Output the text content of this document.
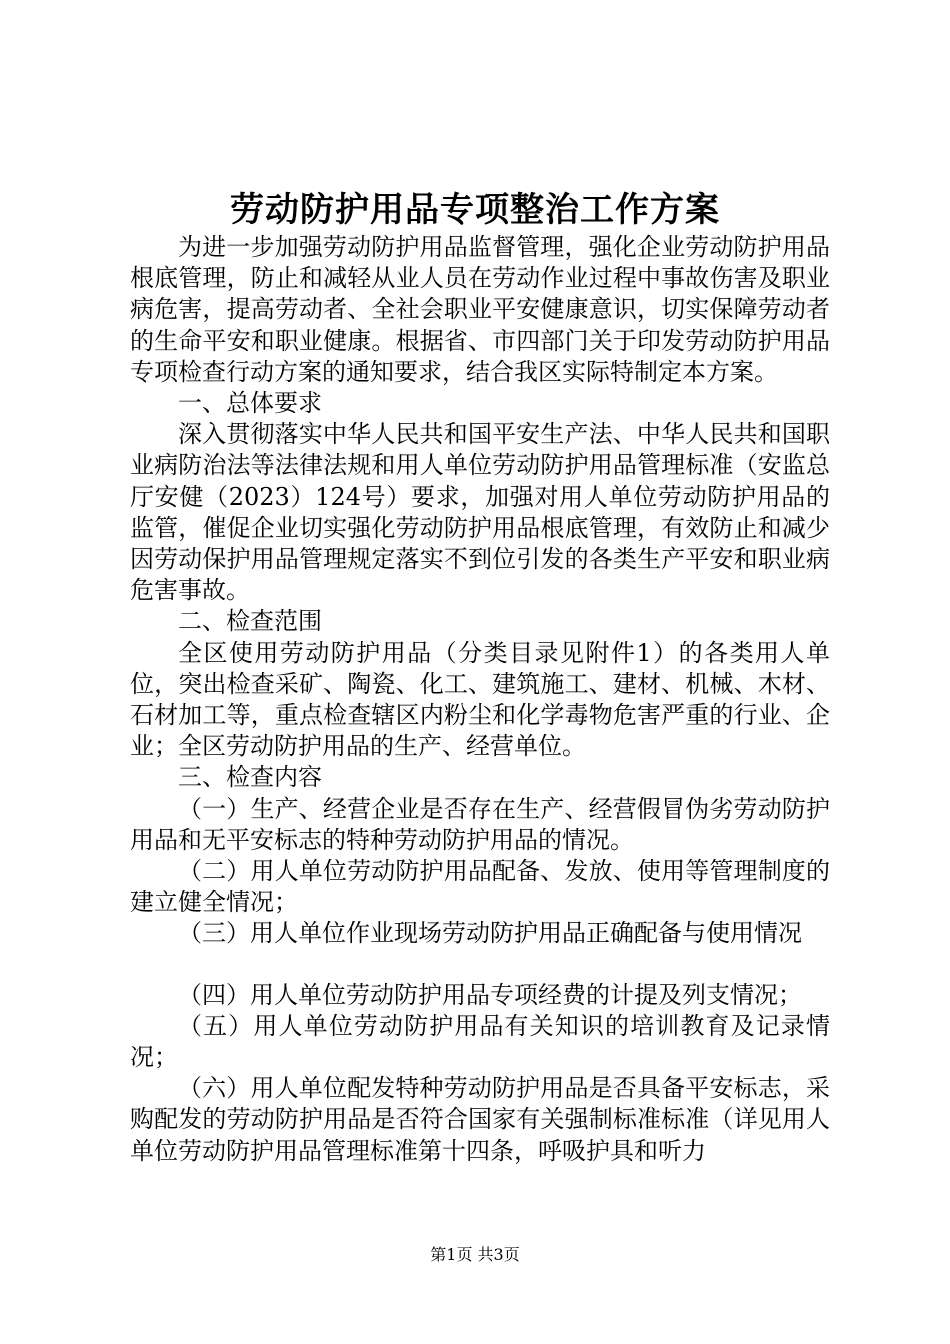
劳动防护用品专项整治工作方案

为进一步加强劳动防护用品监督管理，强化企业劳动防护用品根底管理，防止和减轻从业人员在劳动作业过程中事故伤害及职业病危害，提高劳动者、全社会职业平安健康意识，切实保障劳动者的生命平安和职业健康。根据省、市四部门关于印发劳动防护用品专项检查行动方案的通知要求，结合我区实际特制定本方案。

一、总体要求

深入贯彻落实中华人民共和国平安生产法、中华人民共和国职业病防治法等法律法规和用人单位劳动防护用品管理标准（安监总厅安健（2023）124号）要求，加强对用人单位劳动防护用品的监管，催促企业切实强化劳动防护用品根底管理，有效防止和减少因劳动保护用品管理规定落实不到位引发的各类生产平安和职业病危害事故。

二、检查范围

全区使用劳动防护用品（分类目录见附件1）的各类用人单位，突出检查采矿、陶瓷、化工、建筑施工、建材、机械、木材、石材加工等，重点检查辖区内粉尘和化学毒物危害严重的行业、企业；全区劳动防护用品的生产、经营单位。

三、检查内容

（一）生产、经营企业是否存在生产、经营假冒伪劣劳动防护用品和无平安标志的特种劳动防护用品的情况。

（二）用人单位劳动防护用品配备、发放、使用等管理制度的建立健全情况；

（三）用人单位作业现场劳动防护用品正确配备与使用情况

（四）用人单位劳动防护用品专项经费的计提及列支情况；

（五）用人单位劳动防护用品有关知识的培训教育及记录情况；

（六）用人单位配发特种劳动防护用品是否具备平安标志，采购配发的劳动防护用品是否符合国家有关强制标准标准（详见用人单位劳动防护用品管理标准第十四条，呼吸护具和听力

第1页 共3页
